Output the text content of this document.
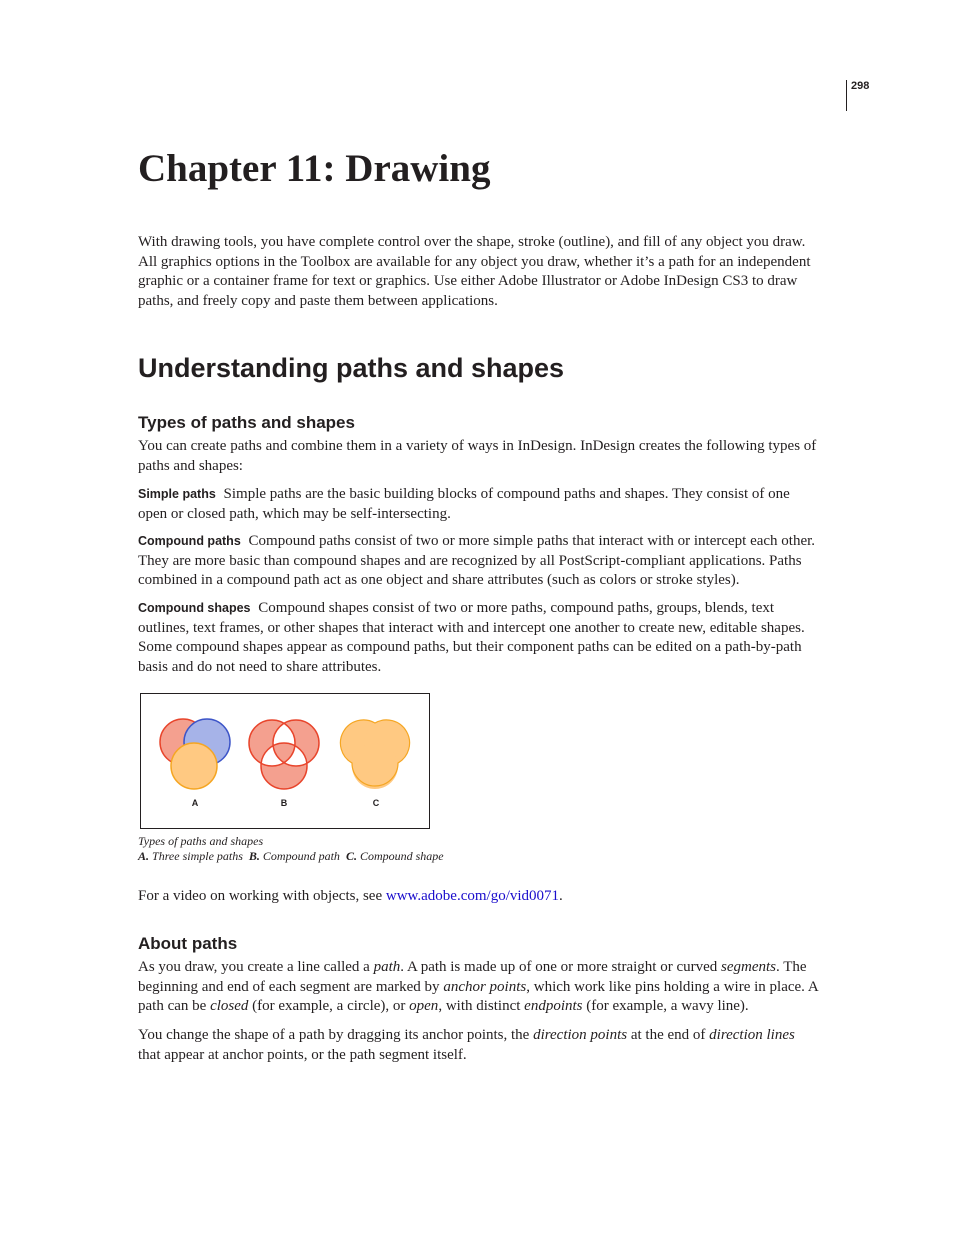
298
Chapter 11: Drawing

With drawing tools, you have complete control over the shape, stroke (outline), and fill of any object you draw. All graphics options in the Toolbox are available for any object you draw, whether it’s a path for an independent graphic or a container frame for text or graphics. Use either Adobe Illustrator or Adobe InDesign CS3 to draw paths, and freely copy and paste them between applications.

Understanding paths and shapes
Types of paths and shapes

You can create paths and combine them in a variety of ways in InDesign. InDesign creates the following types of paths and shapes:

Simple paths Simple paths are the basic building blocks of compound paths and shapes. They consist of one open or closed path, which may be self-intersecting.

Compound paths Compound paths consist of two or more simple paths that interact with or intercept each other. They are more basic than compound shapes and are recognized by all PostScript-compliant applications. Paths combined in a compound path act as one object and share attributes (such as colors or stroke styles).

Compound shapes Compound shapes consist of two or more paths, compound paths, groups, blends, text outlines, text frames, or other shapes that interact with and intercept one another to create new, editable shapes. Some compound shapes appear as compound paths, but their component paths can be edited on a path-by-path basis and do not need to share attributes.

A	B	C
Types of paths and shapes
A. Three simple paths B. Compound path C. Compound shape

For a video on working with objects, see www.adobe.com/go/vid0071.

About paths

As you draw, you create a line called a path. A path is made up of one or more straight or curved segments. The beginning and end of each segment are marked by anchor points, which work like pins holding a wire in place. A path can be closed (for example, a circle), or open, with distinct endpoints (for example, a wavy line).

You change the shape of a path by dragging its anchor points, the direction points at the end of direction lines that appear at anchor points, or the path segment itself.
